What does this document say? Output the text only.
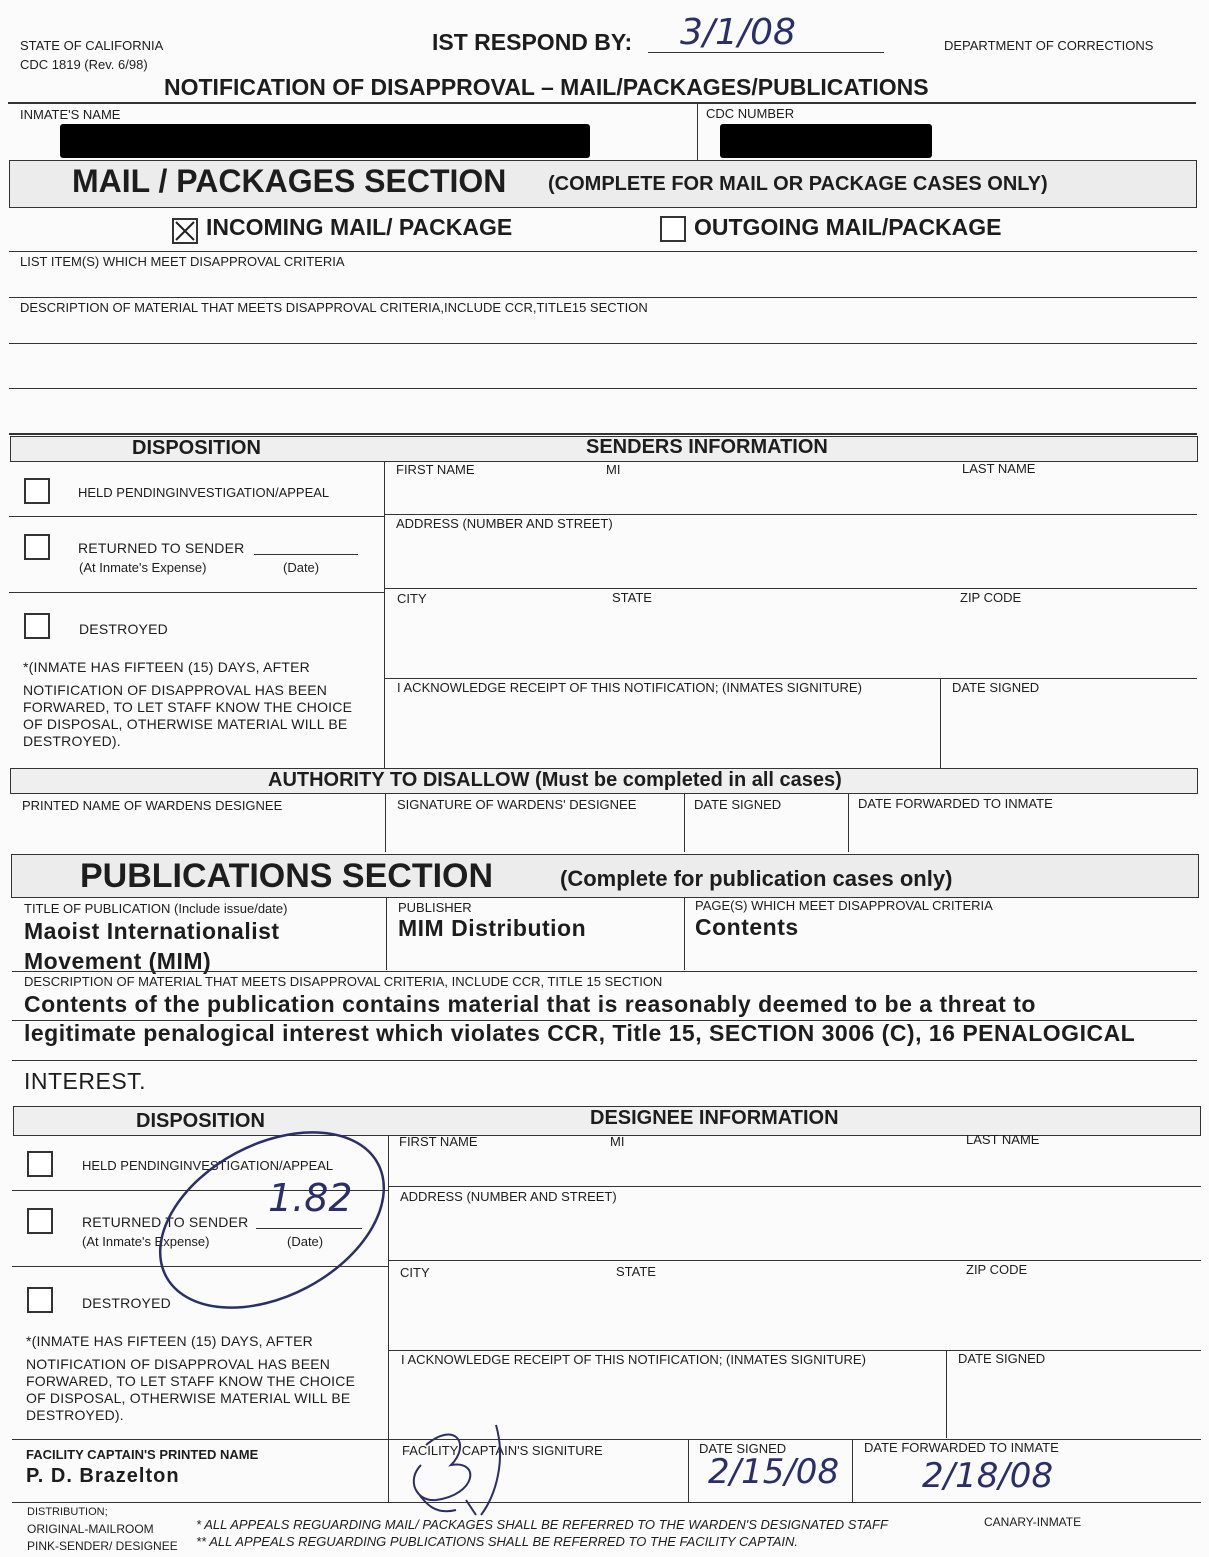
STATE OF CALIFORNIA
CDC 1819 (Rev. 6/98)
IST RESPOND BY: 3/1/08	DEPARTMENT OF CORRECTIONS
NOTIFICATION OF DISAPPROVAL – MAIL/PACKAGES/PUBLICATIONS
INMATE'S NAME	CDC NUMBER
MAIL / PACKAGES SECTION (COMPLETE FOR MAIL OR PACKAGE CASES ONLY)
INCOMING MAIL/ PACKAGE	OUTGOING MAIL/PACKAGE
LIST ITEM(S) WHICH MEET DISAPPROVAL CRITERIA
DESCRIPTION OF MATERIAL THAT MEETS DISAPPROVAL CRITERIA,INCLUDE CCR,TITLE15 SECTION
DISPOSITION	SENDERS INFORMATION
HELD PENDINGINVESTIGATION/APPEAL
RETURNED TO SENDER
(At Inmate's Expense)	(Date)
DESTROYED
*(INMATE HAS FIFTEEN (15) DAYS, AFTER
NOTIFICATION OF DISAPPROVAL HAS BEEN FORWARED, TO LET STAFF KNOW THE CHOICE OF DISPOSAL, OTHERWISE MATERIAL WILL BE DESTROYED).
FIRST NAME	MI	LAST NAME
ADDRESS (NUMBER AND STREET)
CITY	STATE	ZIP CODE
I ACKNOWLEDGE RECEIPT OF THIS NOTIFICATION; (INMATES SIGNITURE)	DATE SIGNED
AUTHORITY TO DISALLOW (Must be completed in all cases)
PRINTED NAME OF WARDENS DESIGNEE	SIGNATURE OF WARDENS' DESIGNEE	DATE SIGNED	DATE FORWARDED TO INMATE
PUBLICATIONS SECTION	(Complete for publication cases only)
TITLE OF PUBLICATION (Include issue/date)
Maoist Internationalist Movement (MIM)
PUBLISHER
MIM Distribution
PAGE(S) WHICH MEET DISAPPROVAL CRITERIA
Contents
DESCRIPTION OF MATERIAL THAT MEETS DISAPPROVAL CRITERIA, INCLUDE CCR, TITLE 15 SECTION
Contents of the publication contains material that is reasonably deemed to be a threat to
legitimate penalogical interest which violates CCR, Title 15, SECTION 3006 (C), 16 PENALOGICAL
INTEREST.
DISPOSITION	DESIGNEE INFORMATION
HELD PENDINGINVESTIGATION/APPEAL
RETURNED TO SENDER
(At Inmate's Expense)	(Date)
1.82
DESTROYED
*(INMATE HAS FIFTEEN (15) DAYS, AFTER
NOTIFICATION OF DISAPPROVAL HAS BEEN FORWARED, TO LET STAFF KNOW THE CHOICE OF DISPOSAL, OTHERWISE MATERIAL WILL BE DESTROYED).
FIRST NAME	MI	LAST NAME
ADDRESS (NUMBER AND STREET)
CITY	STATE	ZIP CODE
I ACKNOWLEDGE RECEIPT OF THIS NOTIFICATION; (INMATES SIGNITURE)	DATE SIGNED
FACILITY CAPTAIN'S PRINTED NAME
P. D. Brazelton
FACILITY CAPTAIN'S SIGNITURE	DATE SIGNED
2/15/08
DATE FORWARDED TO INMATE
2/18/08
DISTRIBUTION;
ORIGINAL-MAILROOM
PINK-SENDER/ DESIGNEE
* ALL APPEALS REGUARDING MAIL/ PACKAGES SHALL BE REFERRED TO THE WARDEN'S DESIGNATED STAFF	CANARY-INMATE
** ALL APPEALS REGUARDING PUBLICATIONS SHALL BE REFERRED TO THE FACILITY CAPTAIN.
